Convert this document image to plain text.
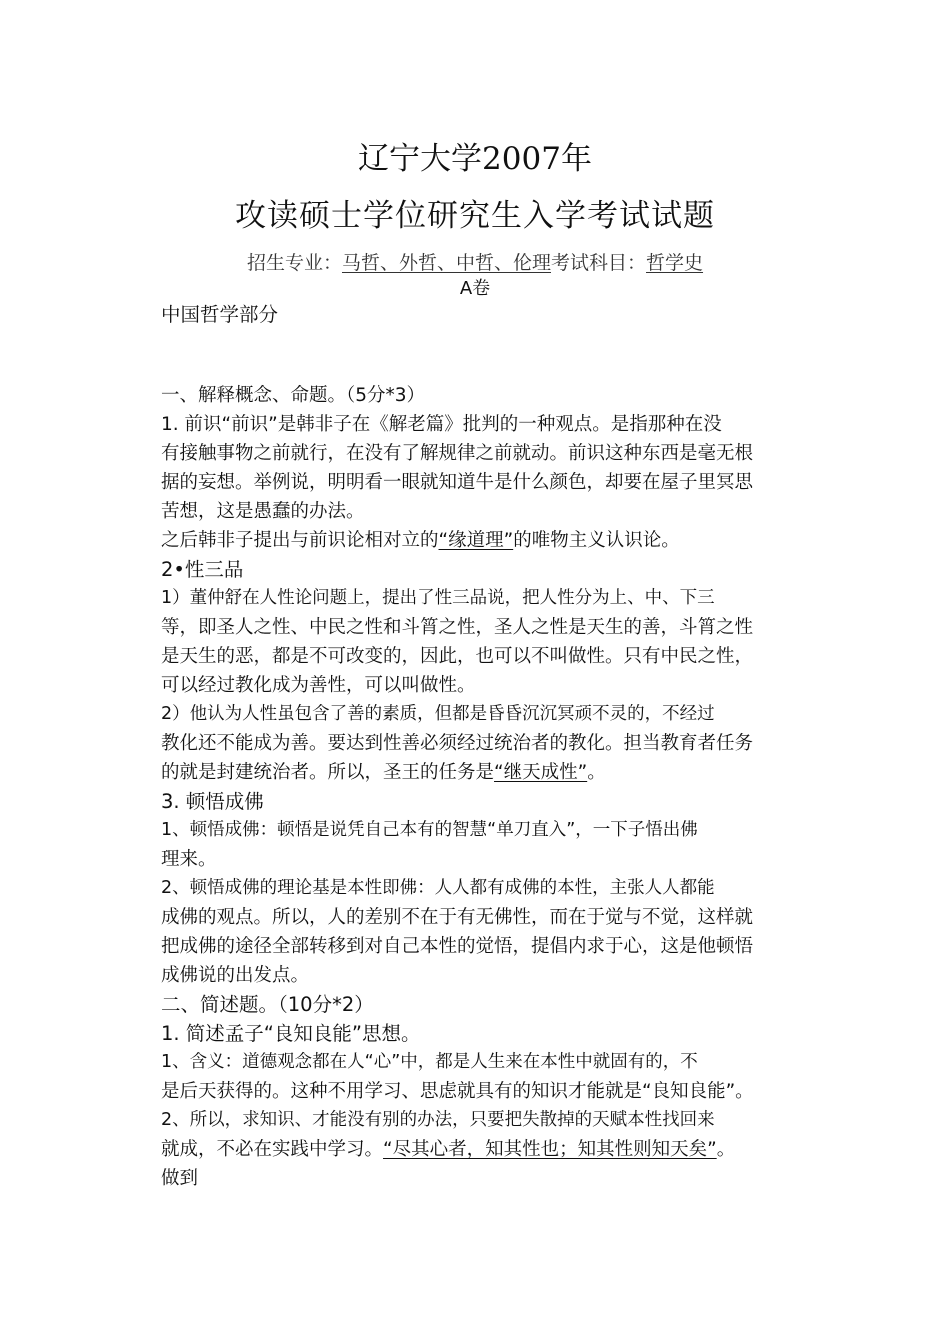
辽宁大学2007年
攻读硕士学位研究生入学考试试题
招生专业：马哲、外哲、中哲、伦理考试科目：哲学史
A卷
中国哲学部分
一、解释概念、命题。（5分*3）
1. 前识“前识”是韩非子在《解老篇》批判的一种观点。是指那种在没
有接触事物之前就行，在没有了解规律之前就动。前识这种东西是毫无根
据的妄想。举例说，明明看一眼就知道牛是什么颜色，却要在屋子里冥思
苦想，这是愚蠢的办法。
之后韩非子提出与前识论相对立的“缘道理”的唯物主义认识论。
2•性三品
1）董仲舒在人性论问题上，提出了性三品说，把人性分为上、中、下三
等，即圣人之性、中民之性和斗筲之性，圣人之性是天生的善，斗筲之性
是天生的恶，都是不可改变的，因此，也可以不叫做性。只有中民之性，
可以经过教化成为善性，可以叫做性。
2）他认为人性虽包含了善的素质，但都是昏昏沉沉冥顽不灵的，不经过
教化还不能成为善。要达到性善必须经过统治者的教化。担当教育者任务
的就是封建统治者。所以，圣王的任务是“继天成性”。
3. 顿悟成佛
1、顿悟成佛：顿悟是说凭自己本有的智慧“单刀直入”，一下子悟出佛
理来。
2、顿悟成佛的理论基是本性即佛：人人都有成佛的本性，主张人人都能
成佛的观点。所以，人的差别不在于有无佛性，而在于觉与不觉，这样就
把成佛的途径全部转移到对自己本性的觉悟，提倡内求于心，这是他顿悟
成佛说的出发点。
二、简述题。（10分*2）
1. 简述孟子“良知良能”思想。
1、含义：道德观念都在人“心”中，都是人生来在本性中就固有的，不
是后天获得的。这种不用学习、思虑就具有的知识才能就是“良知良能”。
2、所以，求知识、才能没有别的办法，只要把失散掉的天赋本性找回来
就成，不必在实践中学习。“尽其心者，知其性也；知其性则知天矣”。
做到
